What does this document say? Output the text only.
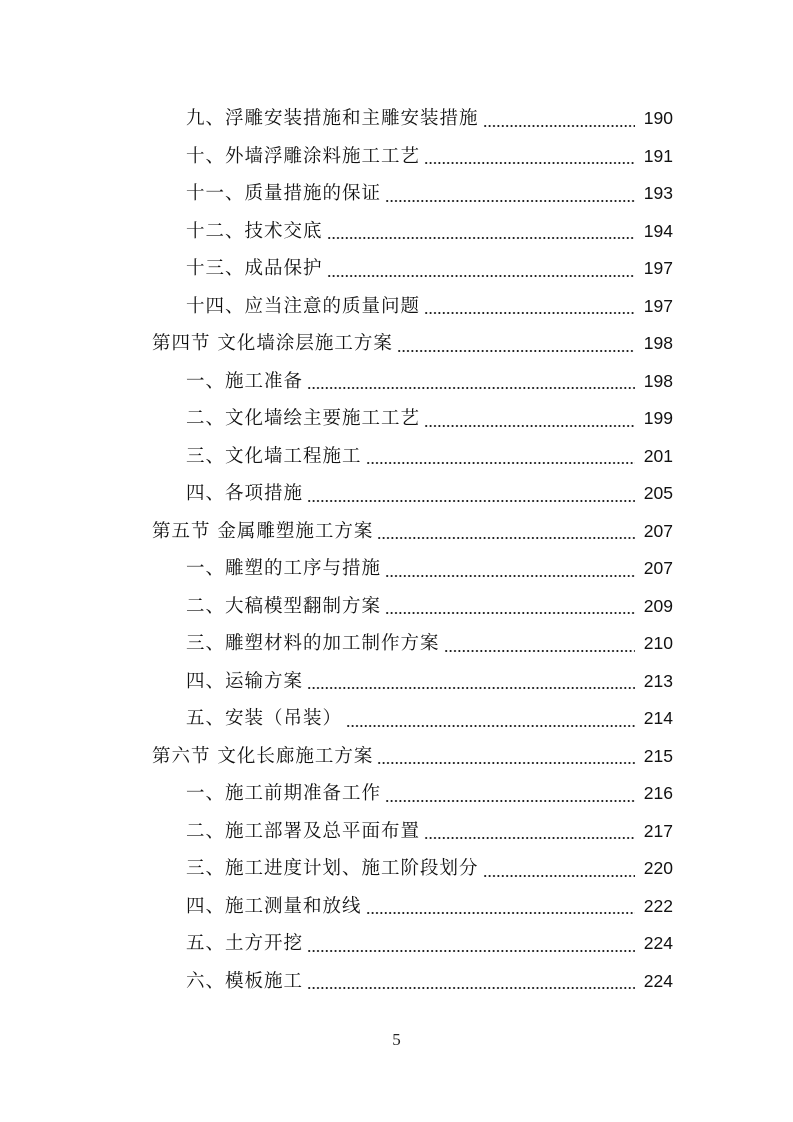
九、浮雕安装措施和主雕安装措施	190
十、外墙浮雕涂料施工工艺	191
十一、质量措施的保证	193
十二、技术交底	194
十三、成品保护	197
十四、应当注意的质量问题	197
第四节 文化墙涂层施工方案	198
一、施工准备	198
二、文化墙绘主要施工工艺	199
三、文化墙工程施工	201
四、各项措施	205
第五节 金属雕塑施工方案	207
一、雕塑的工序与措施	207
二、大稿模型翻制方案	209
三、雕塑材料的加工制作方案	210
四、运输方案	213
五、安装（吊装）	214
第六节 文化长廊施工方案	215
一、施工前期准备工作	216
二、施工部署及总平面布置	217
三、施工进度计划、施工阶段划分	220
四、施工测量和放线	222
五、土方开挖	224
六、模板施工	224
5
